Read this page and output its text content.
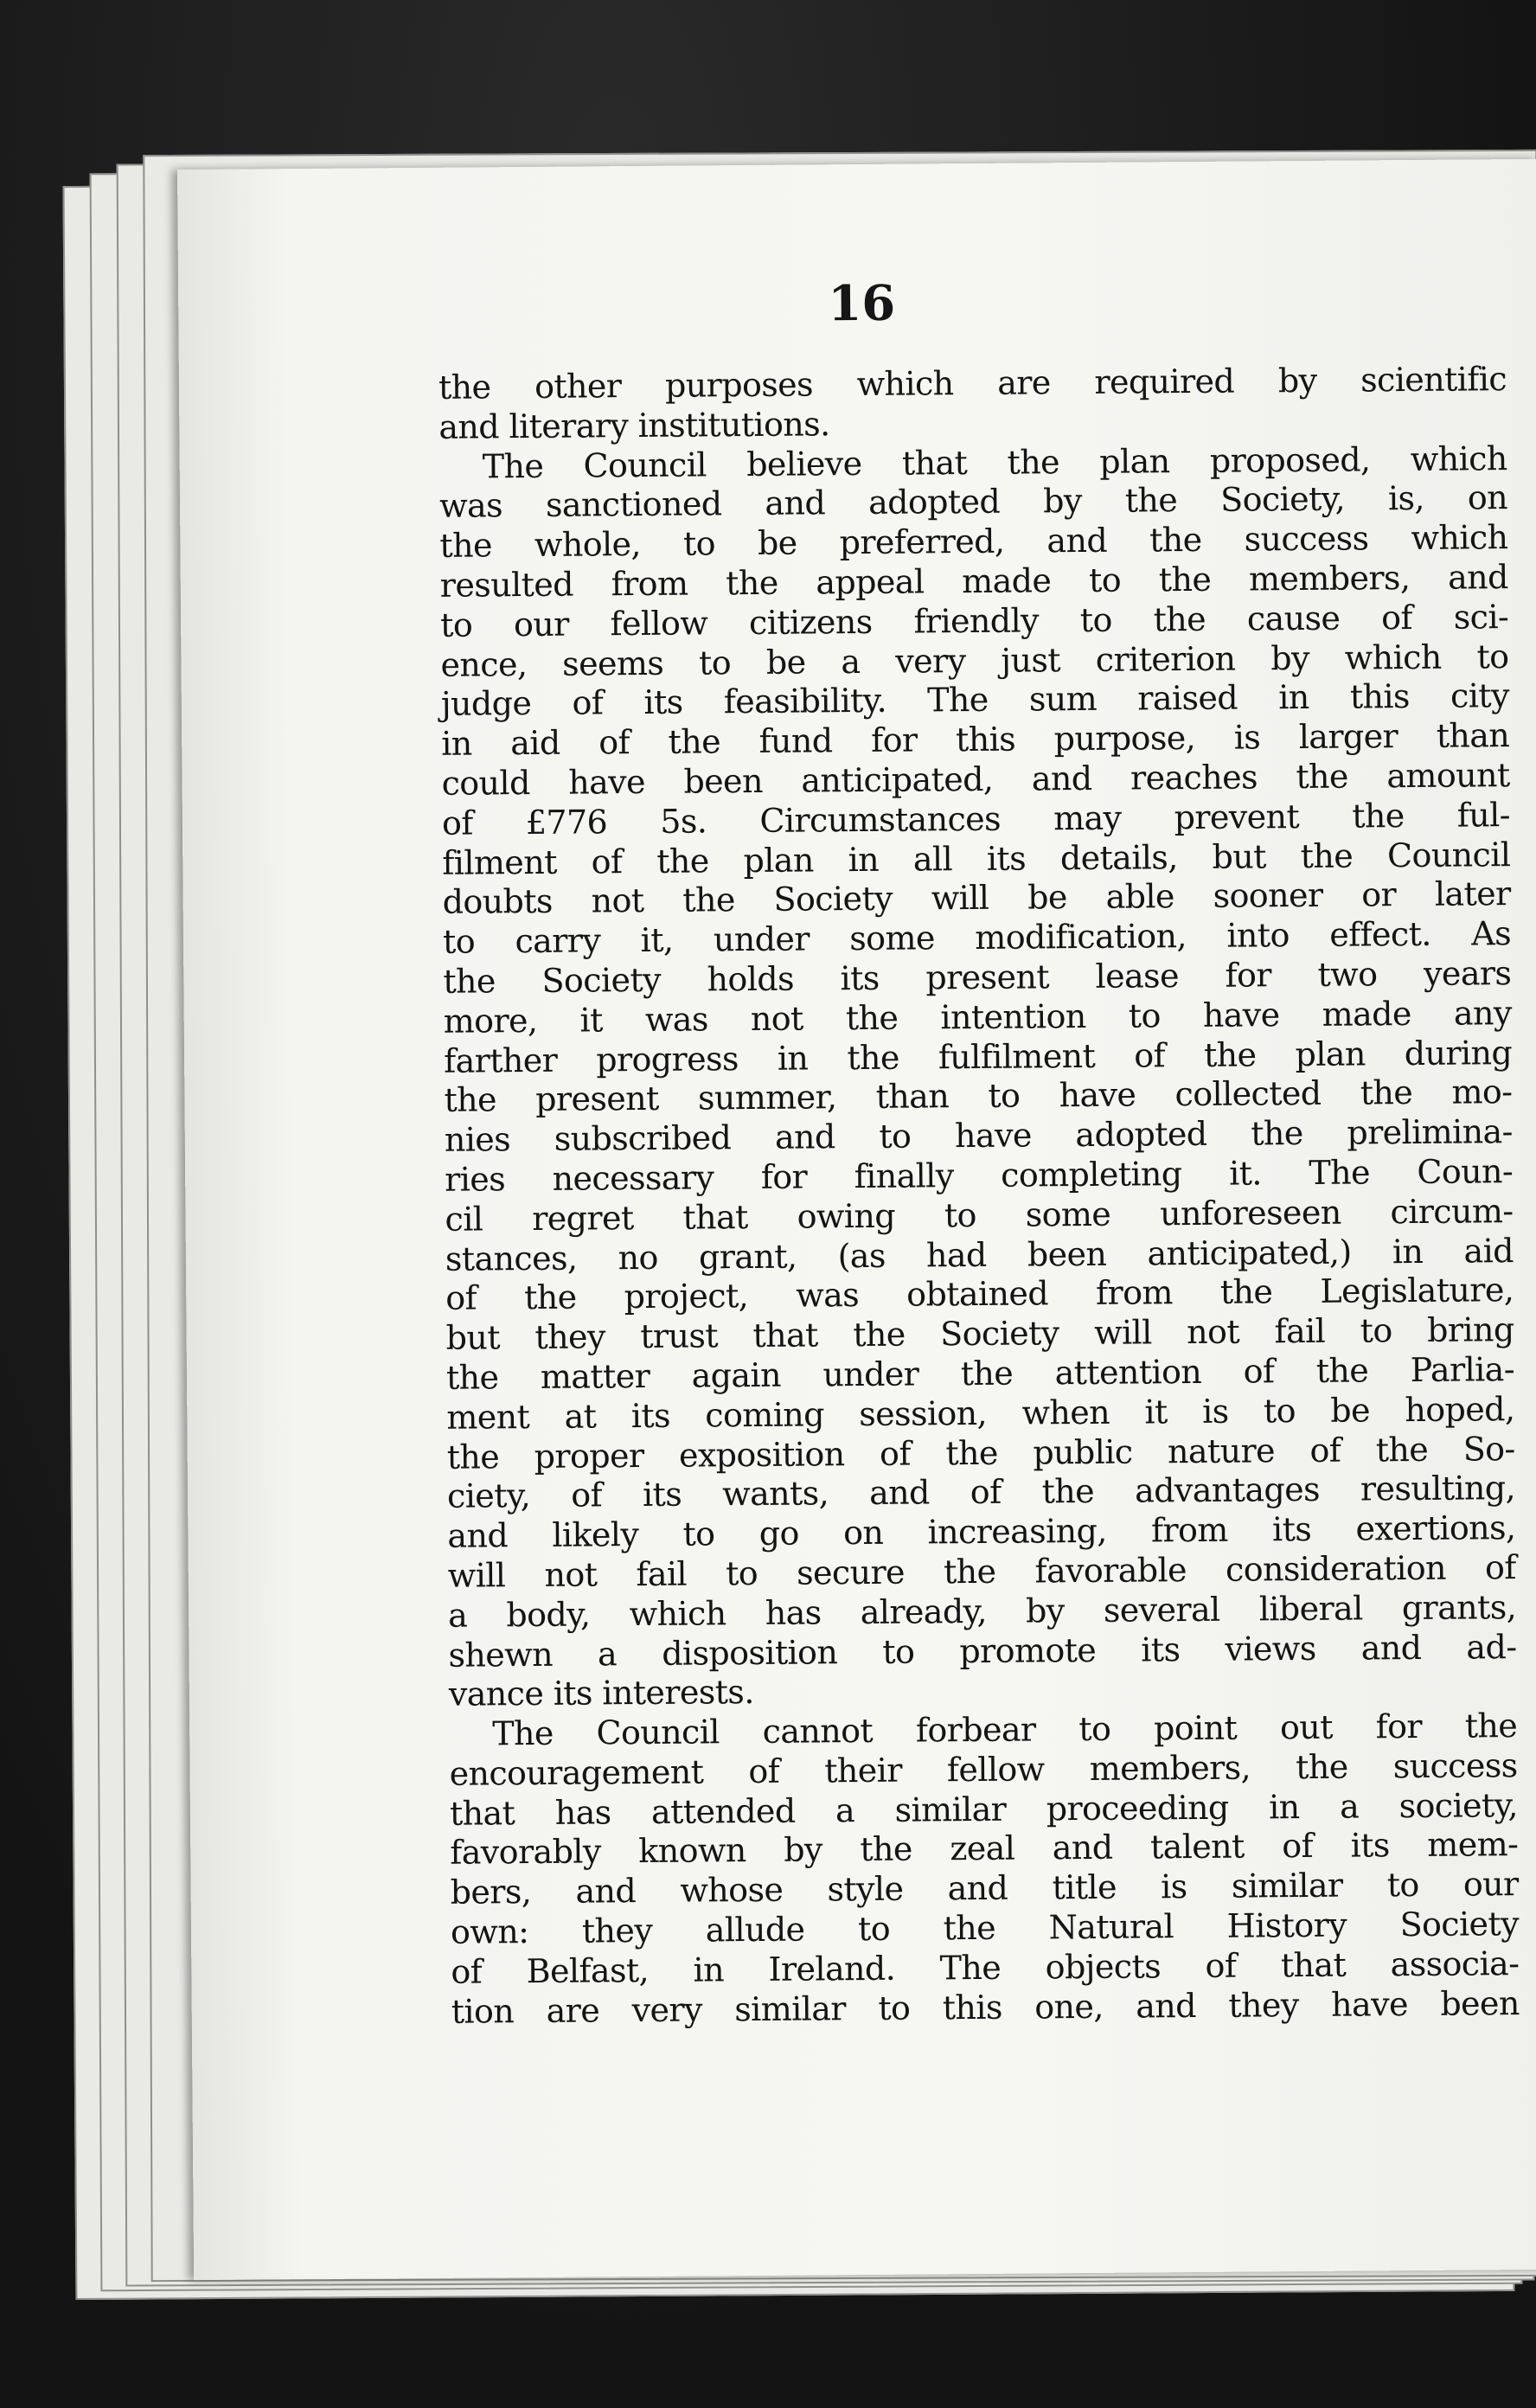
16
the other purposes which are required by scientific
and literary institutions.
The Council believe that the plan proposed, which
was sanctioned and adopted by the Society, is, on
the whole, to be preferred, and the success which
resulted from the appeal made to the members, and
to our fellow citizens friendly to the cause of sci-
ence, seems to be a very just criterion by which to
judge of its feasibility. The sum raised in this city
in aid of the fund for this purpose, is larger than
could have been anticipated, and reaches the amount
of £776 5s. Circumstances may prevent the ful-
filment of the plan in all its details, but the Council
doubts not the Society will be able sooner or later
to carry it, under some modification, into effect. As
the Society holds its present lease for two years
more, it was not the intention to have made any
farther progress in the fulfilment of the plan during
the present summer, than to have collected the mo-
nies subscribed and to have adopted the prelimina-
ries necessary for finally completing it. The Coun-
cil regret that owing to some unforeseen circum-
stances, no grant, (as had been anticipated,) in aid
of the project, was obtained from the Legislature,
but they trust that the Society will not fail to bring
the matter again under the attention of the Parlia-
ment at its coming session, when it is to be hoped,
the proper exposition of the public nature of the So-
ciety, of its wants, and of the advantages resulting,
and likely to go on increasing, from its exertions,
will not fail to secure the favorable consideration of
a body, which has already, by several liberal grants,
shewn a disposition to promote its views and ad-
vance its interests.
The Council cannot forbear to point out for the
encouragement of their fellow members, the success
that has attended a similar proceeding in a society,
favorably known by the zeal and talent of its mem-
bers, and whose style and title is similar to our
own: they allude to the Natural History Society
of Belfast, in Ireland. The objects of that associa-
tion are very similar to this one, and they have been
